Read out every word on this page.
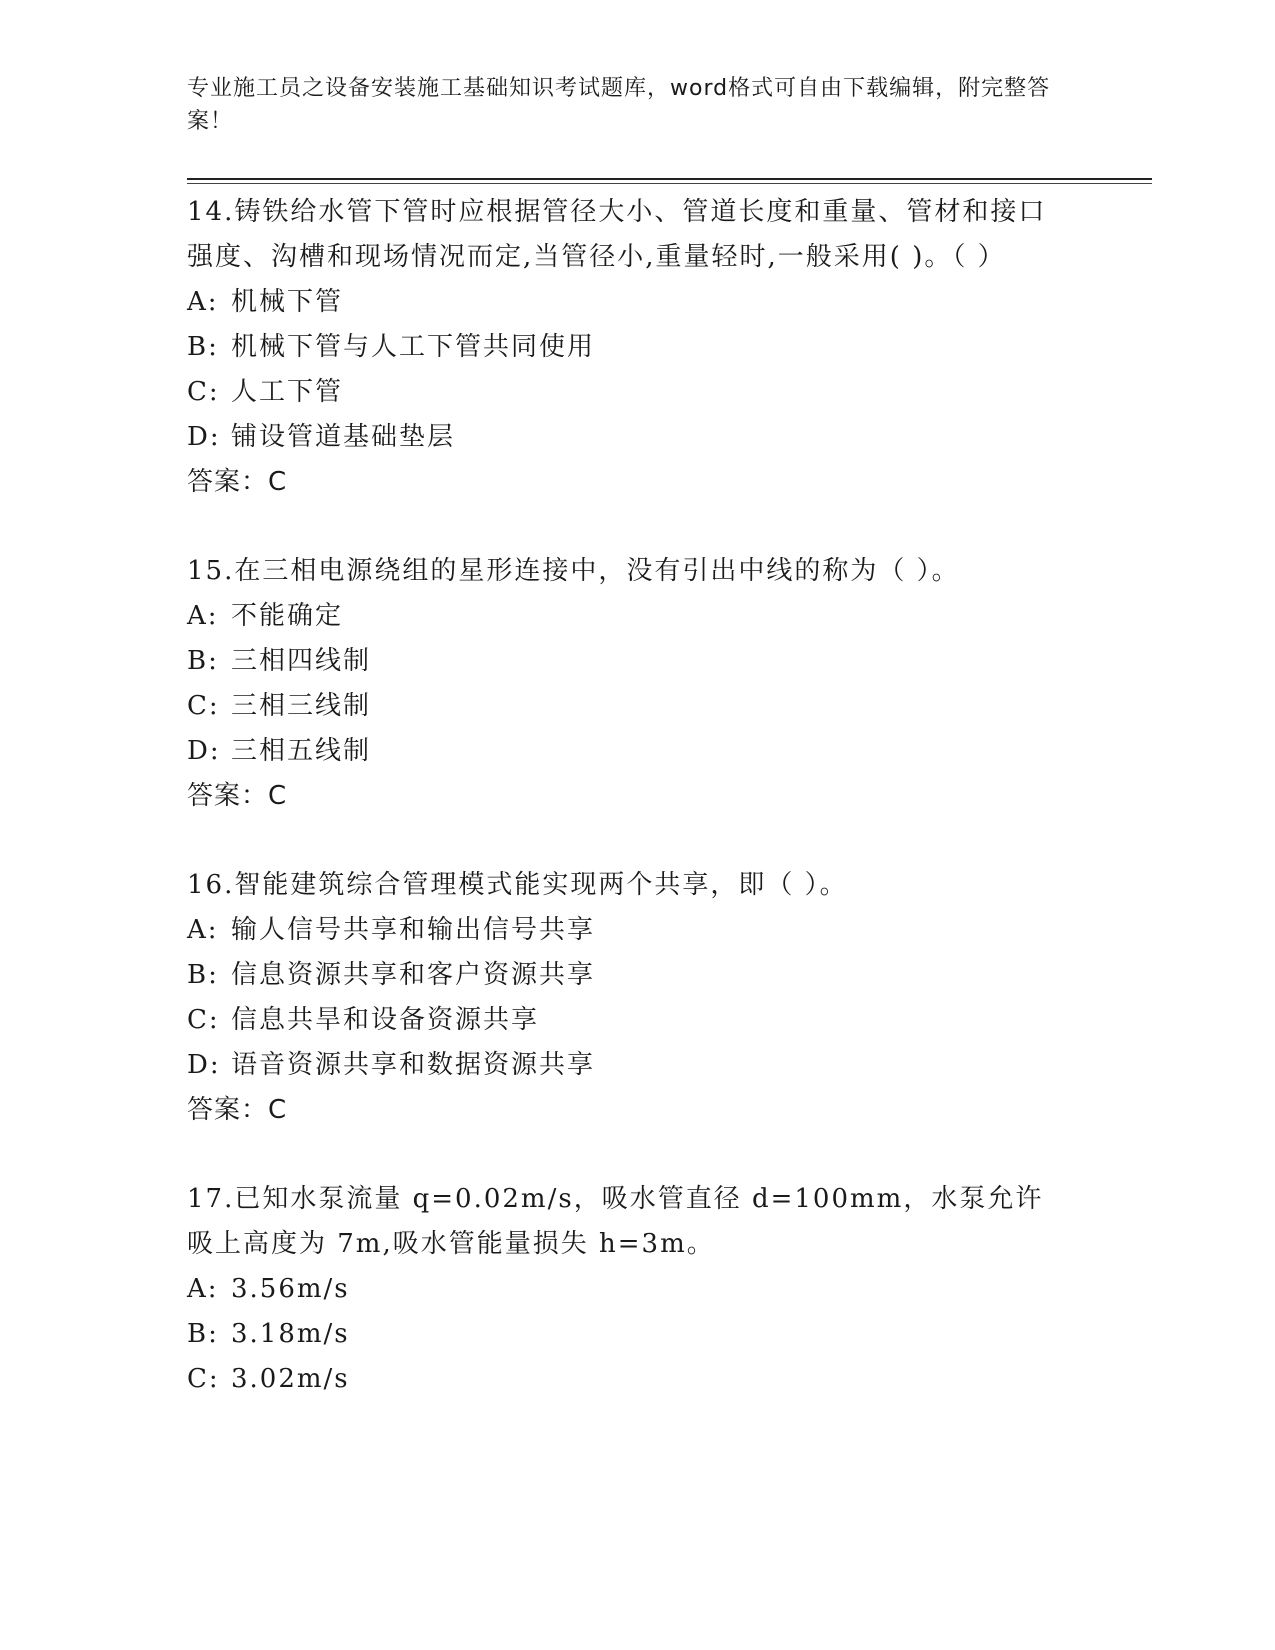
专业施工员之设备安装施工基础知识考试题库，word格式可自由下载编辑，附完整答案！

14.铸铁给水管下管时应根据管径大小、管道长度和重量、管材和接口强度、沟槽和现场情况而定,当管径小,重量轻时,一般采用( )。（ ）

A: 机械下管

B: 机械下管与人工下管共同使用

C: 人工下管

D: 铺设管道基础垫层

答案：C

15.在三相电源绕组的星形连接中，没有引出中线的称为（ ）。

A: 不能确定

B: 三相四线制

C: 三相三线制

D: 三相五线制

答案：C

16.智能建筑综合管理模式能实现两个共享，即（ ）。

A: 输人信号共享和输出信号共享

B: 信息资源共享和客户资源共享

C: 信息共旱和设备资源共享

D: 语音资源共享和数据资源共享

答案：C

17.已知水泵流量 q=0.02m/s，吸水管直径 d=100mm，水泵允许吸上高度为 7m,吸水管能量损失 h=3m。

A: 3.56m/s

B: 3.18m/s

C: 3.02m/s
